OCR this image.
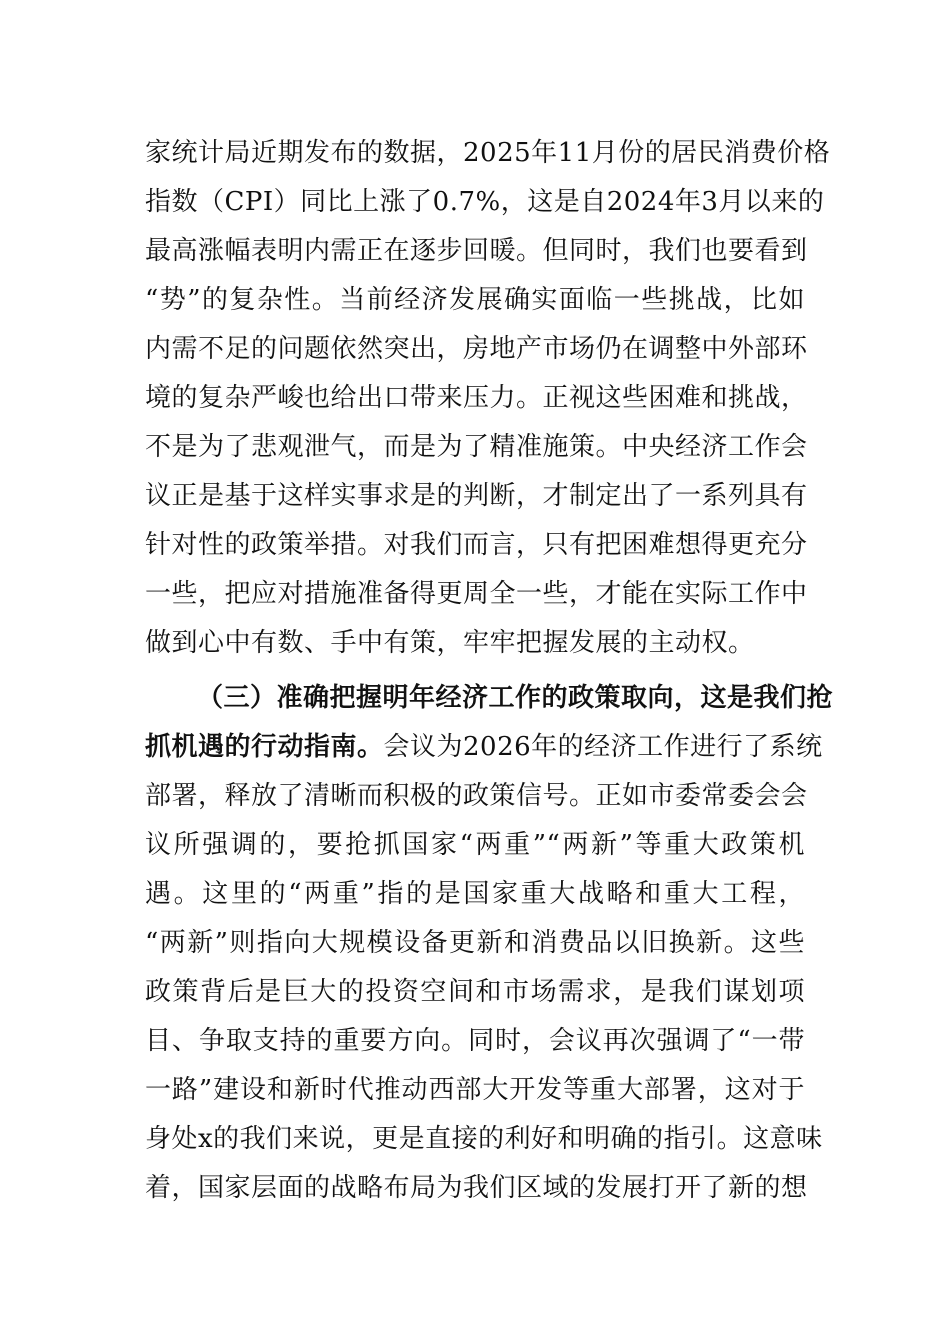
家统计局近期发布的数据，2025年11月份的居民消费价格
指数（CPI）同比上涨了0.7%，这是自2024年3月以来的
最高涨幅表明内需正在逐步回暖。但同时，我们也要看到
“势”的复杂性。当前经济发展确实面临一些挑战，比如
内需不足的问题依然突出，房地产市场仍在调整中外部环
境的复杂严峻也给出口带来压力。正视这些困难和挑战，
不是为了悲观泄气，而是为了精准施策。中央经济工作会
议正是基于这样实事求是的判断，才制定出了一系列具有
针对性的政策举措。对我们而言，只有把困难想得更充分
一些，把应对措施准备得更周全一些，才能在实际工作中
做到心中有数、手中有策，牢牢把握发展的主动权。
（三）准确把握明年经济工作的政策取向，这是我们抢
抓机遇的行动指南。会议为2026年的经济工作进行了系统
部署，释放了清晰而积极的政策信号。正如市委常委会会
议所强调的，要抢抓国家“两重”“两新”等重大政策机
遇。这里的“两重”指的是国家重大战略和重大工程，
“两新”则指向大规模设备更新和消费品以旧换新。这些
政策背后是巨大的投资空间和市场需求，是我们谋划项
目、争取支持的重要方向。同时，会议再次强调了“一带
一路”建设和新时代推动西部大开发等重大部署，这对于
身处x的我们来说，更是直接的利好和明确的指引。这意味
着，国家层面的战略布局为我们区域的发展打开了新的想
